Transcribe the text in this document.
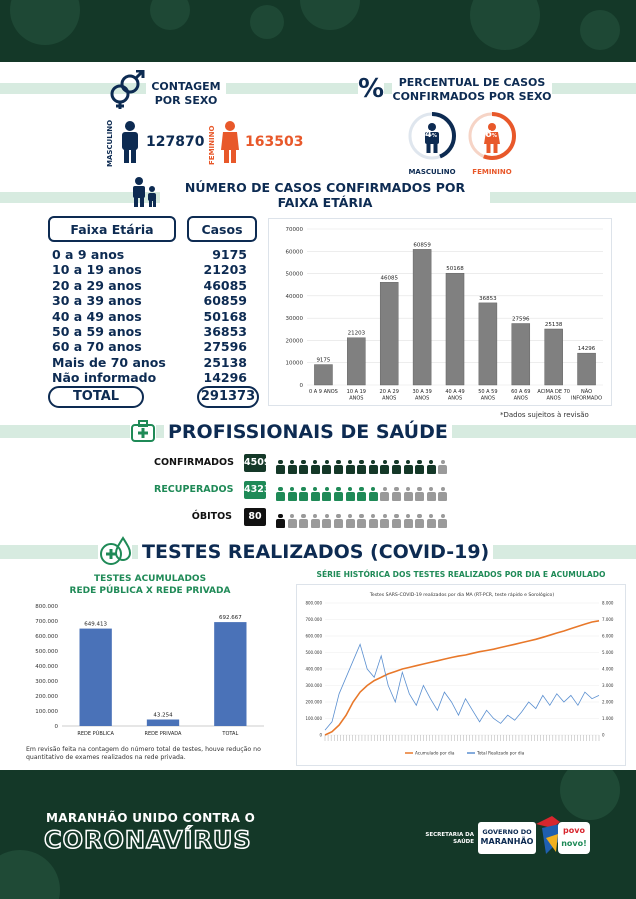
CONTAGEM
POR SEXO
MASCULINO 127870 FEMININO 163503
%	PERCENTUAL DE CASOS
CONFIRMADOS POR SEXO
44%
MASCULINO
56%
FEMININO
NÚMERO DE CASOS CONFIRMADOS POR
FAIXA ETÁRIA
Faixa Etária	Casos
0 a 9 anos	9175
10 a 19 anos	21203
20 a 29 anos	46085
30 a 39 anos	60859
40 a 49 anos	50168
50 a 59 anos	36853
60 a 70 anos	27596
Mais de 70 anos	25138
Não informado	14296
TOTAL	291373
0
10000
20000
30000
40000
50000
60000
70000
9175
0 A 9 ANOS
21203
10 A 19
ANOS
46085
20 A 29
ANOS
60859
30 A 39
ANOS
50168
40 A 49
ANOS
36853
50 A 59
ANOS
27596
60 A 69
ANOS
25138
ACIMA DE 70
ANOS
14296
NÃO
INFORMADO
*Dados sujeitos à revisão
PROFISSIONAIS DE SAÚDE
CONFIRMADOS 4509
RECUPERADOS 4323
ÓBITOS	80
TESTES REALIZADOS (COVID-19)
TESTES ACUMULADOS
REDE PÚBLICA X REDE PRIVADA
0
100.000
200.000
300.000
400.000
500.000
600.000
700.000
800.000
649.413
REDE PÚBLICA
43.254
REDE PRIVADA
692.667
TOTAL
Em revisão feita na contagem do número total de testes, houve redução no quantitativo de exames realizados na rede privada.
SÉRIE HISTÓRICA DOS TESTES REALIZADOS POR DIA E ACUMULADO
Testes SARS-COVID-19 realizados por dia MA (RT-PCR, teste rápido e Sorológico)
0
100.000
200.000
300.000
400.000
500.000
600.000
700.000
800.000
0
1.000
2.000
3.000
4.000
5.000
6.000
7.000
8.000
Acumulado por dia	Total Realizado por dia
MARANHÃO UNIDO CONTRA O
CORONAVÍRUS	SECRETARIA DA
SAÚDE
GOVERNO DO
MARANHÃO
povo
novo!
